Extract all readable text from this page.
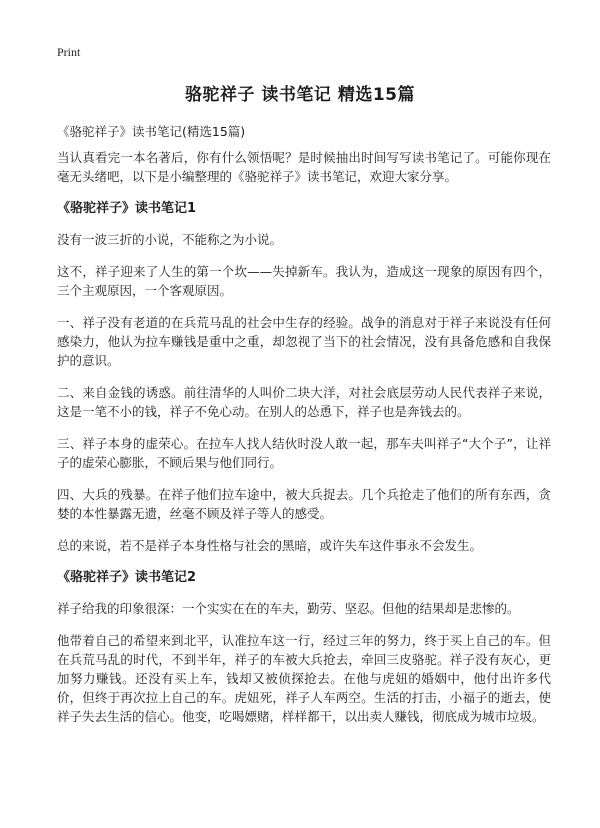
Print
骆驼祥子 读书笔记 精选15篇
《骆驼祥子》读书笔记(精选15篇)

当认真看完一本名著后，你有什么领悟呢？是时候抽出时间写写读书笔记了。可能你现在毫无头绪吧，以下是小编整理的《骆驼祥子》读书笔记，欢迎大家分享。

《骆驼祥子》读书笔记1

没有一波三折的小说，不能称之为小说。

这不，祥子迎来了人生的第一个坎——失掉新车。我认为，造成这一现象的原因有四个，三个主观原因，一个客观原因。

一、祥子没有老道的在兵荒马乱的社会中生存的经验。战争的消息对于祥子来说没有任何感染力，他认为拉车赚钱是重中之重，却忽视了当下的社会情况，没有具备危感和自我保护的意识。

二、来自金钱的诱惑。前往清华的人叫价二块大洋，对社会底层劳动人民代表祥子来说，这是一笔不小的钱，祥子不免心动。在别人的怂恿下，祥子也是奔钱去的。

三、祥子本身的虚荣心。在拉车人找人结伙时没人敢一起，那车夫叫祥子“大个子”，让祥子的虚荣心膨胀，不顾后果与他们同行。

四、大兵的残暴。在祥子他们拉车途中，被大兵捉去。几个兵抢走了他们的所有东西，贪婪的本性暴露无遗，丝毫不顾及祥子等人的感受。

总的来说，若不是祥子本身性格与社会的黑暗，或许失车这件事永不会发生。

《骆驼祥子》读书笔记2

祥子给我的印象很深：一个实实在在的车夫，勤劳、坚忍。但他的结果却是悲惨的。

他带着自己的希望来到北平，认准拉车这一行，经过三年的努力，终于买上自己的车。但在兵荒马乱的时代，不到半年，祥子的车被大兵抢去，牵回三皮骆驼。祥子没有灰心，更加努力赚钱。还没有买上车，钱却又被侦探抢去。在他与虎妞的婚姻中，他付出许多代价，但终于再次拉上自己的车。虎妞死，祥子人车两空。生活的打击，小福子的逝去，使祥子失去生活的信心。他变，吃喝嫖赌，样样都干，以出卖人赚钱，彻底成为城市垃圾。
